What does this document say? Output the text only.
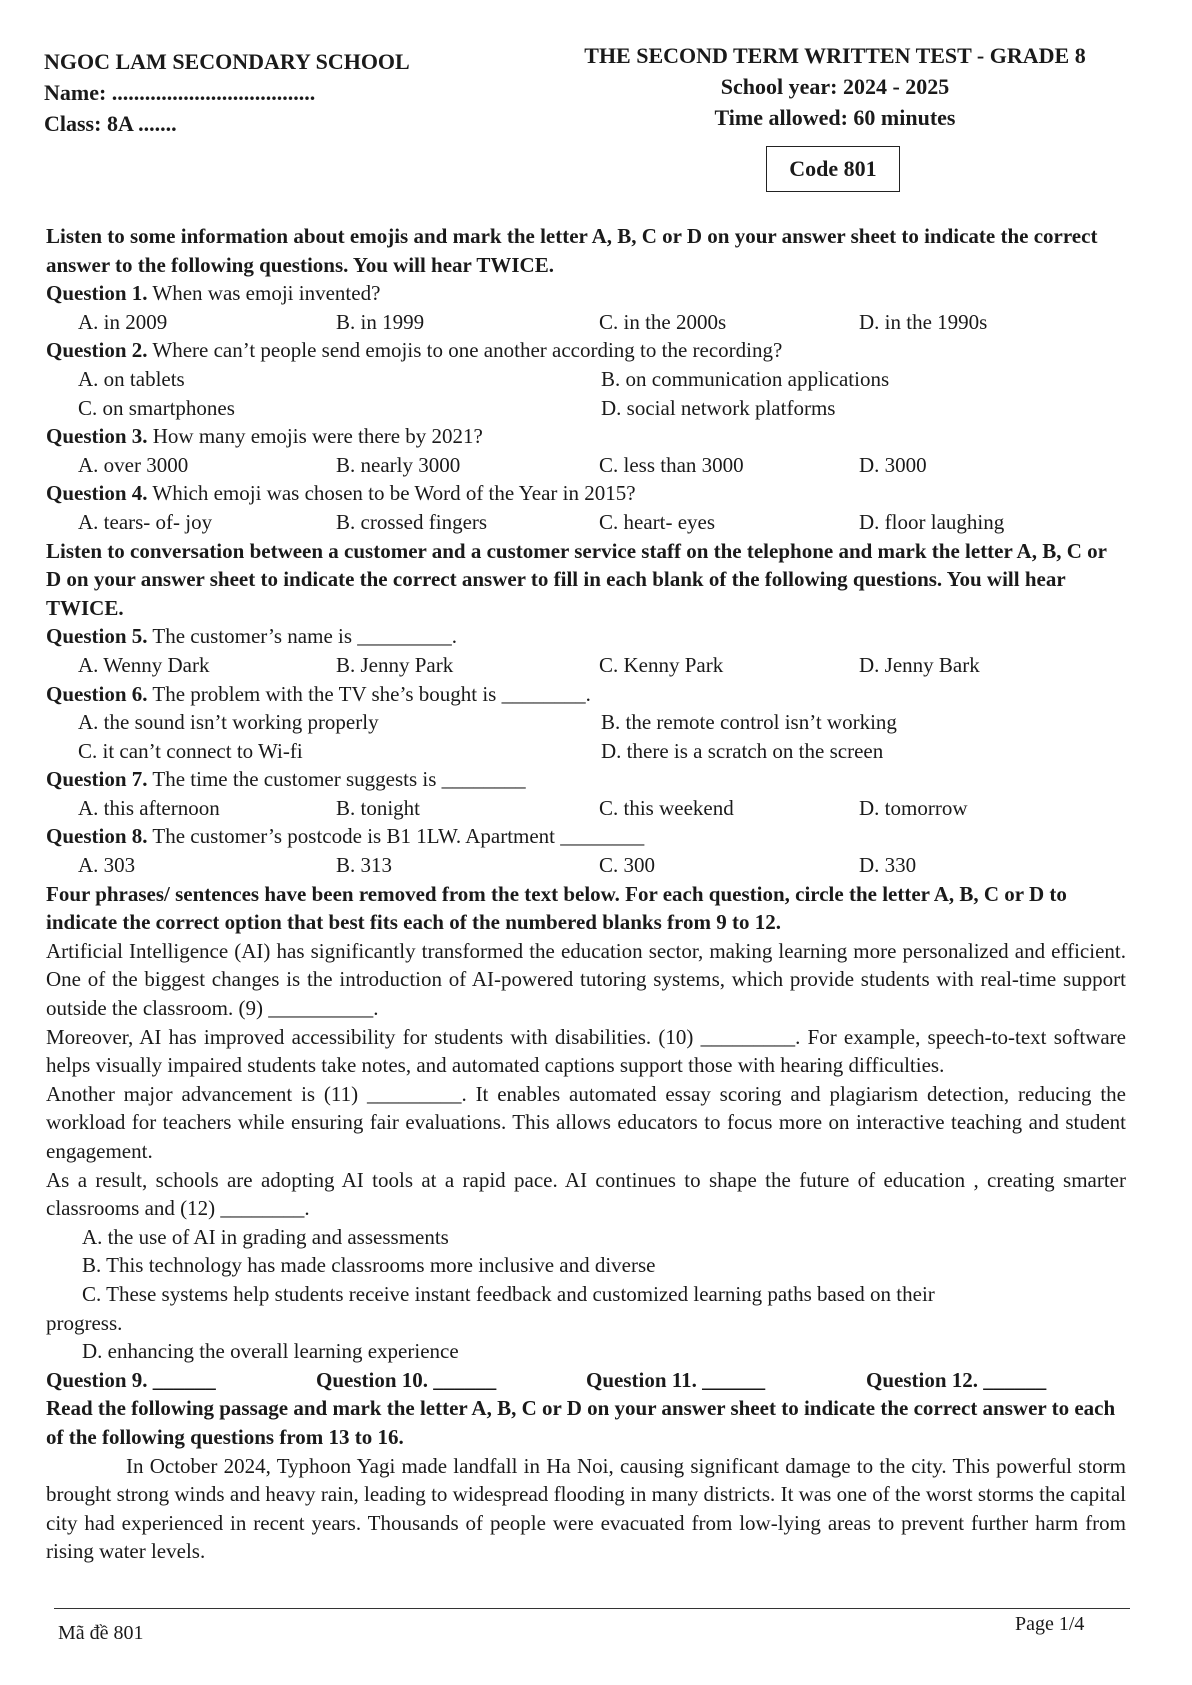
NGOC LAM SECONDARY SCHOOL
Name: .....................................
Class: 8A .......
THE SECOND TERM WRITTEN TEST - GRADE 8
School year: 2024 - 2025
Time allowed: 60 minutes
Code 801
Listen to some information about emojis and mark the letter A, B, C or D on your answer sheet to indicate the correct answer to the following questions. You will hear TWICE.
Question 1. When was emoji invented?
A. in 2009	B. in 1999	C. in the 2000s	D. in the 1990s
Question 2. Where can’t people send emojis to one another according to the recording?
A. on tablets	B. on communication applications
C. on smartphones	D. social network platforms
Question 3. How many emojis were there by 2021?
A. over 3000	B. nearly 3000	C. less than 3000	D. 3000
Question 4. Which emoji was chosen to be Word of the Year in 2015?
A. tears- of- joy	B. crossed fingers	C. heart- eyes	D. floor laughing
Listen to conversation between a customer and a customer service staff on the telephone and mark the letter A, B, C or D on your answer sheet to indicate the correct answer to fill in each blank of the following questions. You will hear TWICE.
Question 5. The customer’s name is _________.
A. Wenny Dark	B. Jenny Park	C. Kenny Park	D. Jenny Bark
Question 6. The problem with the TV she’s bought is ________.
A. the sound isn’t working properly	B. the remote control isn’t working
C. it can’t connect to Wi-fi	D. there is a scratch on the screen
Question 7. The time the customer suggests is ________
A. this afternoon	B. tonight	C. this weekend	D. tomorrow
Question 8. The customer’s postcode is B1 1LW. Apartment ________
A. 303	B. 313	C. 300	D. 330
Four phrases/ sentences have been removed from the text below. For each question, circle the letter A, B, C or D to indicate the correct option that best fits each of the numbered blanks from 9 to 12.
Artificial Intelligence (AI) has significantly transformed the education sector, making learning more personalized and efficient. One of the biggest changes is the introduction of AI-powered tutoring systems, which provide students with real-time support outside the classroom. (9) __________.
Moreover, AI has improved accessibility for students with disabilities. (10) _________. For example, speech-to-text software helps visually impaired students take notes, and automated captions support those with hearing difficulties.
Another major advancement is (11) _________. It enables automated essay scoring and plagiarism detection, reducing the workload for teachers while ensuring fair evaluations. This allows educators to focus more on interactive teaching and student engagement.
As a result, schools are adopting AI tools at a rapid pace. AI continues to shape the future of education , creating smarter classrooms and (12) ________.
A. the use of AI in grading and assessments
B. This technology has made classrooms more inclusive and diverse
C. These systems help students receive instant feedback and customized learning paths based on their
progress.
D. enhancing the overall learning experience
Question 9. ______	Question 10. ______	Question 11. ______	Question 12. ______
Read the following passage and mark the letter A, B, C or D on your answer sheet to indicate the correct answer to each of the following questions from 13 to 16.
In October 2024, Typhoon Yagi made landfall in Ha Noi, causing significant damage to the city. This powerful storm brought strong winds and heavy rain, leading to widespread flooding in many districts. It was one of the worst storms the capital city had experienced in recent years. Thousands of people were evacuated from low-lying areas to prevent further harm from rising water levels.
Mã đề 801	Page 1/4
